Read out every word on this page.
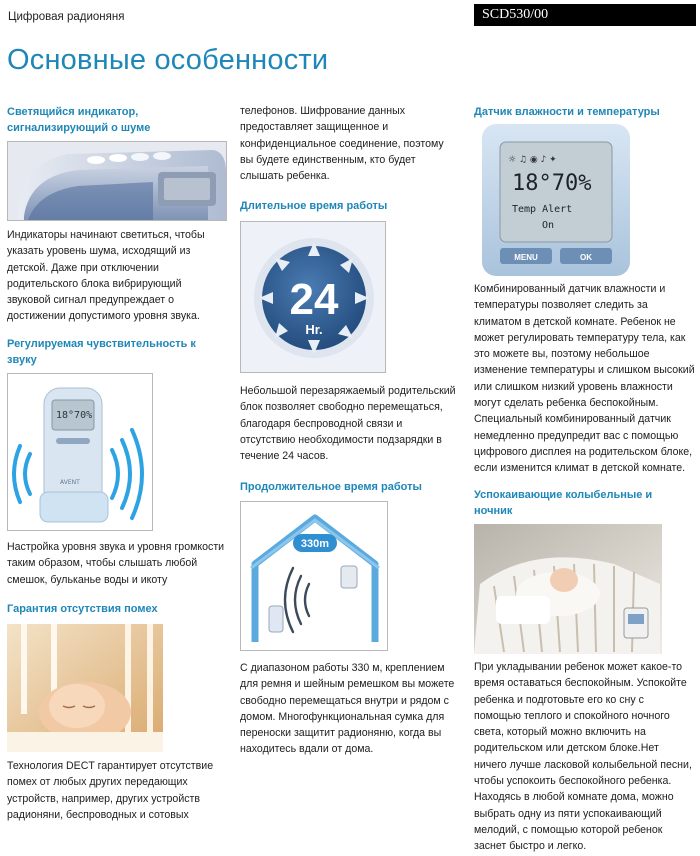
Цифровая радионяня	SCD530/00
Основные особенности
Светящийся индикатор,
сигнализирующий о шуме
Индикаторы начинают светиться, чтобы
указать уровень шума, исходящий из
детской. Даже при отключении
родительского блока вибрирующий
звуковой сигнал предупреждает о
достижении допустимого уровня звука.
Регулируемая чувствительность к
звуку
18°70%
AVENT
Настройка уровня звука и уровня громкости
таким образом, чтобы слышать любой
смешок, бульканье воды и икоту
Гарантия отсутствия помех
Технология DECT гарантирует отсутствие
помех от любых других передающих
устройств, например, других устройств
радионяни, беспроводных и сотовых
телефонов. Шифрование данных
предоставляет защищенное и
конфиденциальное соединение, поэтому
вы будете единственным, кто будет
слышать ребенка.
Длительное время работы
24
Hr.
Небольшой перезаряжаемый родительский
блок позволяет свободно перемещаться,
благодаря беспроводной связи и
отсутствию необходимости подзарядки в
течение 24 часов.
Продолжительное время работы
330m
С диапазоном работы 330 м, креплением
для ремня и шейным ремешком вы можете
свободно перемещаться внутри и рядом с
домом. Многофункциональная сумка для
переноски защитит радионяню, когда вы
находитесь вдали от дома.
Датчик влажности и температуры
☼ ♫ ◉ ♪ ✦
18°70%
Temp Alert
On
MENU	OK
Комбинированный датчик влажности и
температуры позволяет следить за
климатом в детской комнате. Ребенок не
может регулировать температуру тела, как
это можете вы, поэтому небольшое
изменение температуры и слишком высокий
или слишком низкий уровень влажности
могут сделать ребенка беспокойным.
Специальный комбинированный датчик
немедленно предупредит вас с помощью
цифрового дисплея на родительском блоке,
если изменится климат в детской комнате.
Успокаивающие колыбельные и
ночник
При укладывании ребенок может какое-то
время оставаться беспокойным. Успокойте
ребенка и подготовьте его ко сну с
помощью теплого и спокойного ночного
света, который можно включить на
родительском или детском блоке.Нет
ничего лучше ласковой колыбельной песни,
чтобы успокоить беспокойного ребенка.
Находясь в любой комнате дома, можно
выбрать одну из пяти успокаивающий
мелодий, с помощью которой ребенок
заснет быстро и легко.
